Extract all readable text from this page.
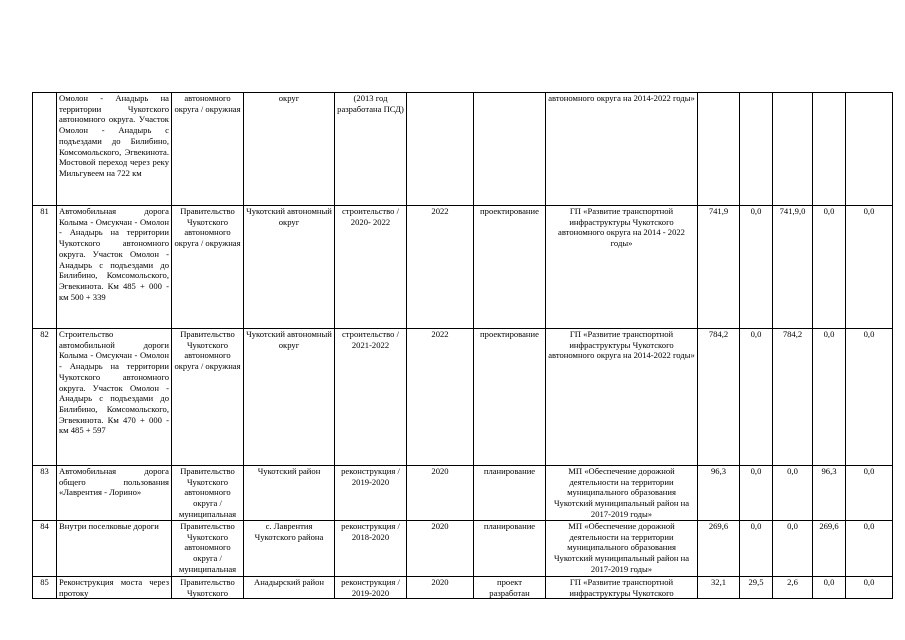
	Омолон - Анадырь на территории Чукотского автономного округа. Участок Омолон - Анадырь с подъездами до Билибино, Комсомольского, Эгвекинота. Мостовой переход через реку Мильгувеем на 722 км	автономного округа / окружная	округ	(2013 год разработана ПСД)			автономного округа на 2014-2022 годы»					
81	Автомобильная дорога Колыма - Омсукчан - Омолон - Анадырь на территории Чукотского автономного округа. Участок Омолон - Анадырь с подъездами до Билибино, Комсомольского, Эгвекинота. Км 485 + 000 - км 500 + 339	Правительство Чукотского автономного округа / окружная	Чукотский автономный округ	строительство / 2020- 2022	2022	проектирование	ГП «Развитие транспортной инфраструктуры Чукотского автономного округа на 2014 - 2022 годы»	741,9	0,0	741,9,0	0,0	0,0
82	Строительство автомобильной дороги Колыма - Омсукчан - Омолон - Анадырь на территории Чукотского автономного округа. Участок Омолон - Анадырь с подъездами до Билибино, Комсомольского, Эгвекинота. Км 470 + 000 - км 485 + 597	Правительство Чукотского автономного округа / окружная	Чукотский автономный округ	строительство / 2021-2022	2022	проектирование	ГП «Развитие транспортной инфраструктуры Чукотского автономного округа на 2014-2022 годы»	784,2	0,0	784,2	0,0	0,0
83	Автомобильная дорога общего пользования «Лаврентия - Лорино»	Правительство Чукотского автономного округа / муниципальная	Чукотский район	реконструкция / 2019-2020	2020	планирование	МП «Обеспечение дорожной деятельности на территории муниципального образования Чукотский муниципальный район на 2017-2019 годы»	96,3	0,0	0,0	96,3	0,0
84	Внутри поселковые дороги	Правительство Чукотского автономного округа / муниципальная	с. Лаврентия Чукотского района	реконструкция / 2018-2020	2020	планирование	МП «Обеспечение дорожной деятельности на территории муниципального образования Чукотский муниципальный район на 2017-2019 годы»	269,6	0,0	0,0	269,6	0,0
85	Реконструкция моста через протоку	Правительство Чукотского	Анадырский район	реконструкция / 2019-2020	2020	проект разработан	ГП «Развитие транспортной инфраструктуры Чукотского	32,1	29,5	2,6	0,0	0,0
